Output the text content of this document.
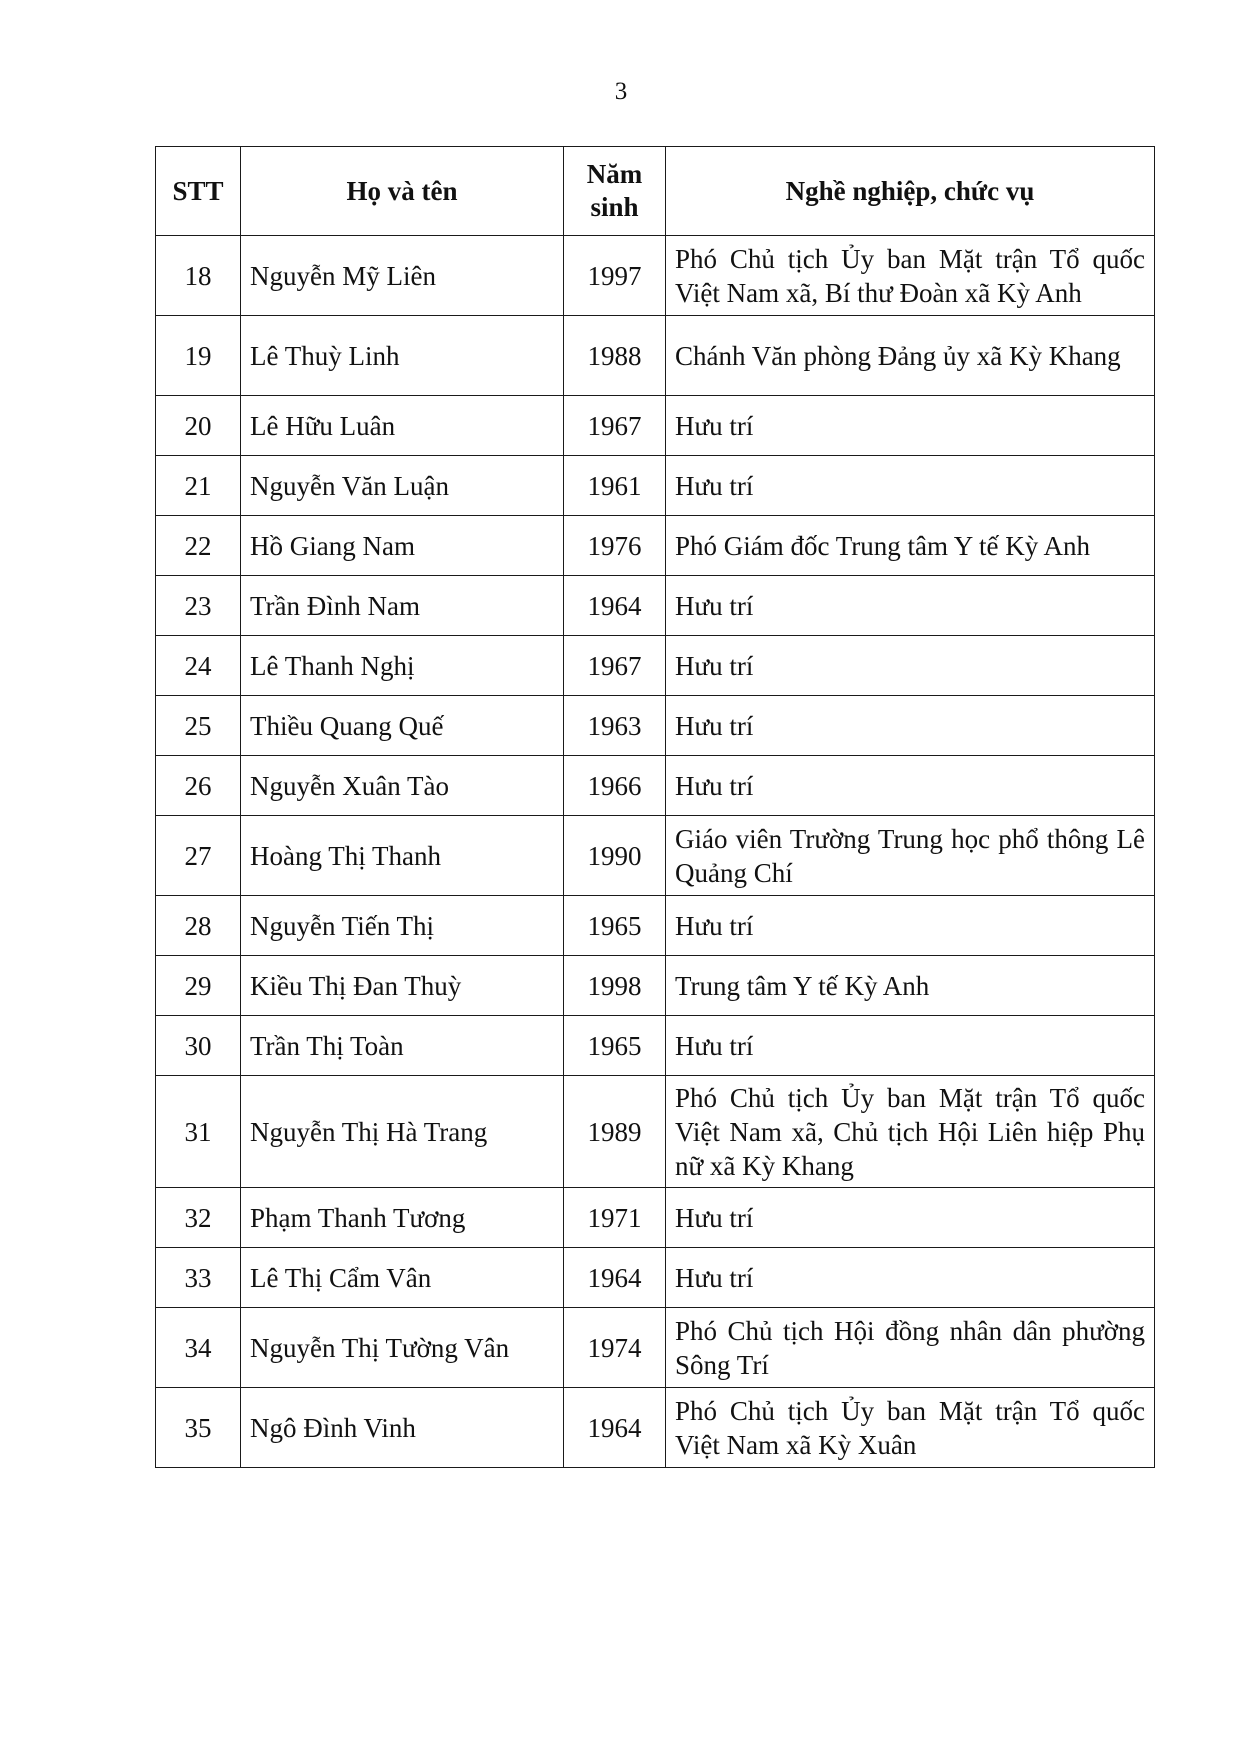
3
STT	Họ và tên	Năm sinh	Nghề nghiệp, chức vụ
18	Nguyễn Mỹ Liên	1997	Phó Chủ tịch Ủy ban Mặt trận Tổ quốc Việt Nam xã, Bí thư Đoàn xã Kỳ Anh
19	Lê Thuỳ Linh	1988	Chánh Văn phòng Đảng ủy xã Kỳ Khang
20	Lê Hữu Luân	1967	Hưu trí
21	Nguyễn Văn Luận	1961	Hưu trí
22	Hồ Giang Nam	1976	Phó Giám đốc Trung tâm Y tế Kỳ Anh
23	Trần Đình Nam	1964	Hưu trí
24	Lê Thanh Nghị	1967	Hưu trí
25	Thiều Quang Quế	1963	Hưu trí
26	Nguyễn Xuân Tào	1966	Hưu trí
27	Hoàng Thị Thanh	1990	Giáo viên Trường Trung học phổ thông Lê Quảng Chí
28	Nguyễn Tiến Thị	1965	Hưu trí
29	Kiều Thị Đan Thuỳ	1998	Trung tâm Y tế Kỳ Anh
30	Trần Thị Toàn	1965	Hưu trí
31	Nguyễn Thị Hà Trang	1989	Phó Chủ tịch Ủy ban Mặt trận Tổ quốc Việt Nam xã, Chủ tịch Hội Liên hiệp Phụ nữ xã Kỳ Khang
32	Phạm Thanh Tương	1971	Hưu trí
33	Lê Thị Cẩm Vân	1964	Hưu trí
34	Nguyễn Thị Tường Vân	1974	Phó Chủ tịch Hội đồng nhân dân phường Sông Trí
35	Ngô Đình Vinh	1964	Phó Chủ tịch Ủy ban Mặt trận Tổ quốc Việt Nam xã Kỳ Xuân
